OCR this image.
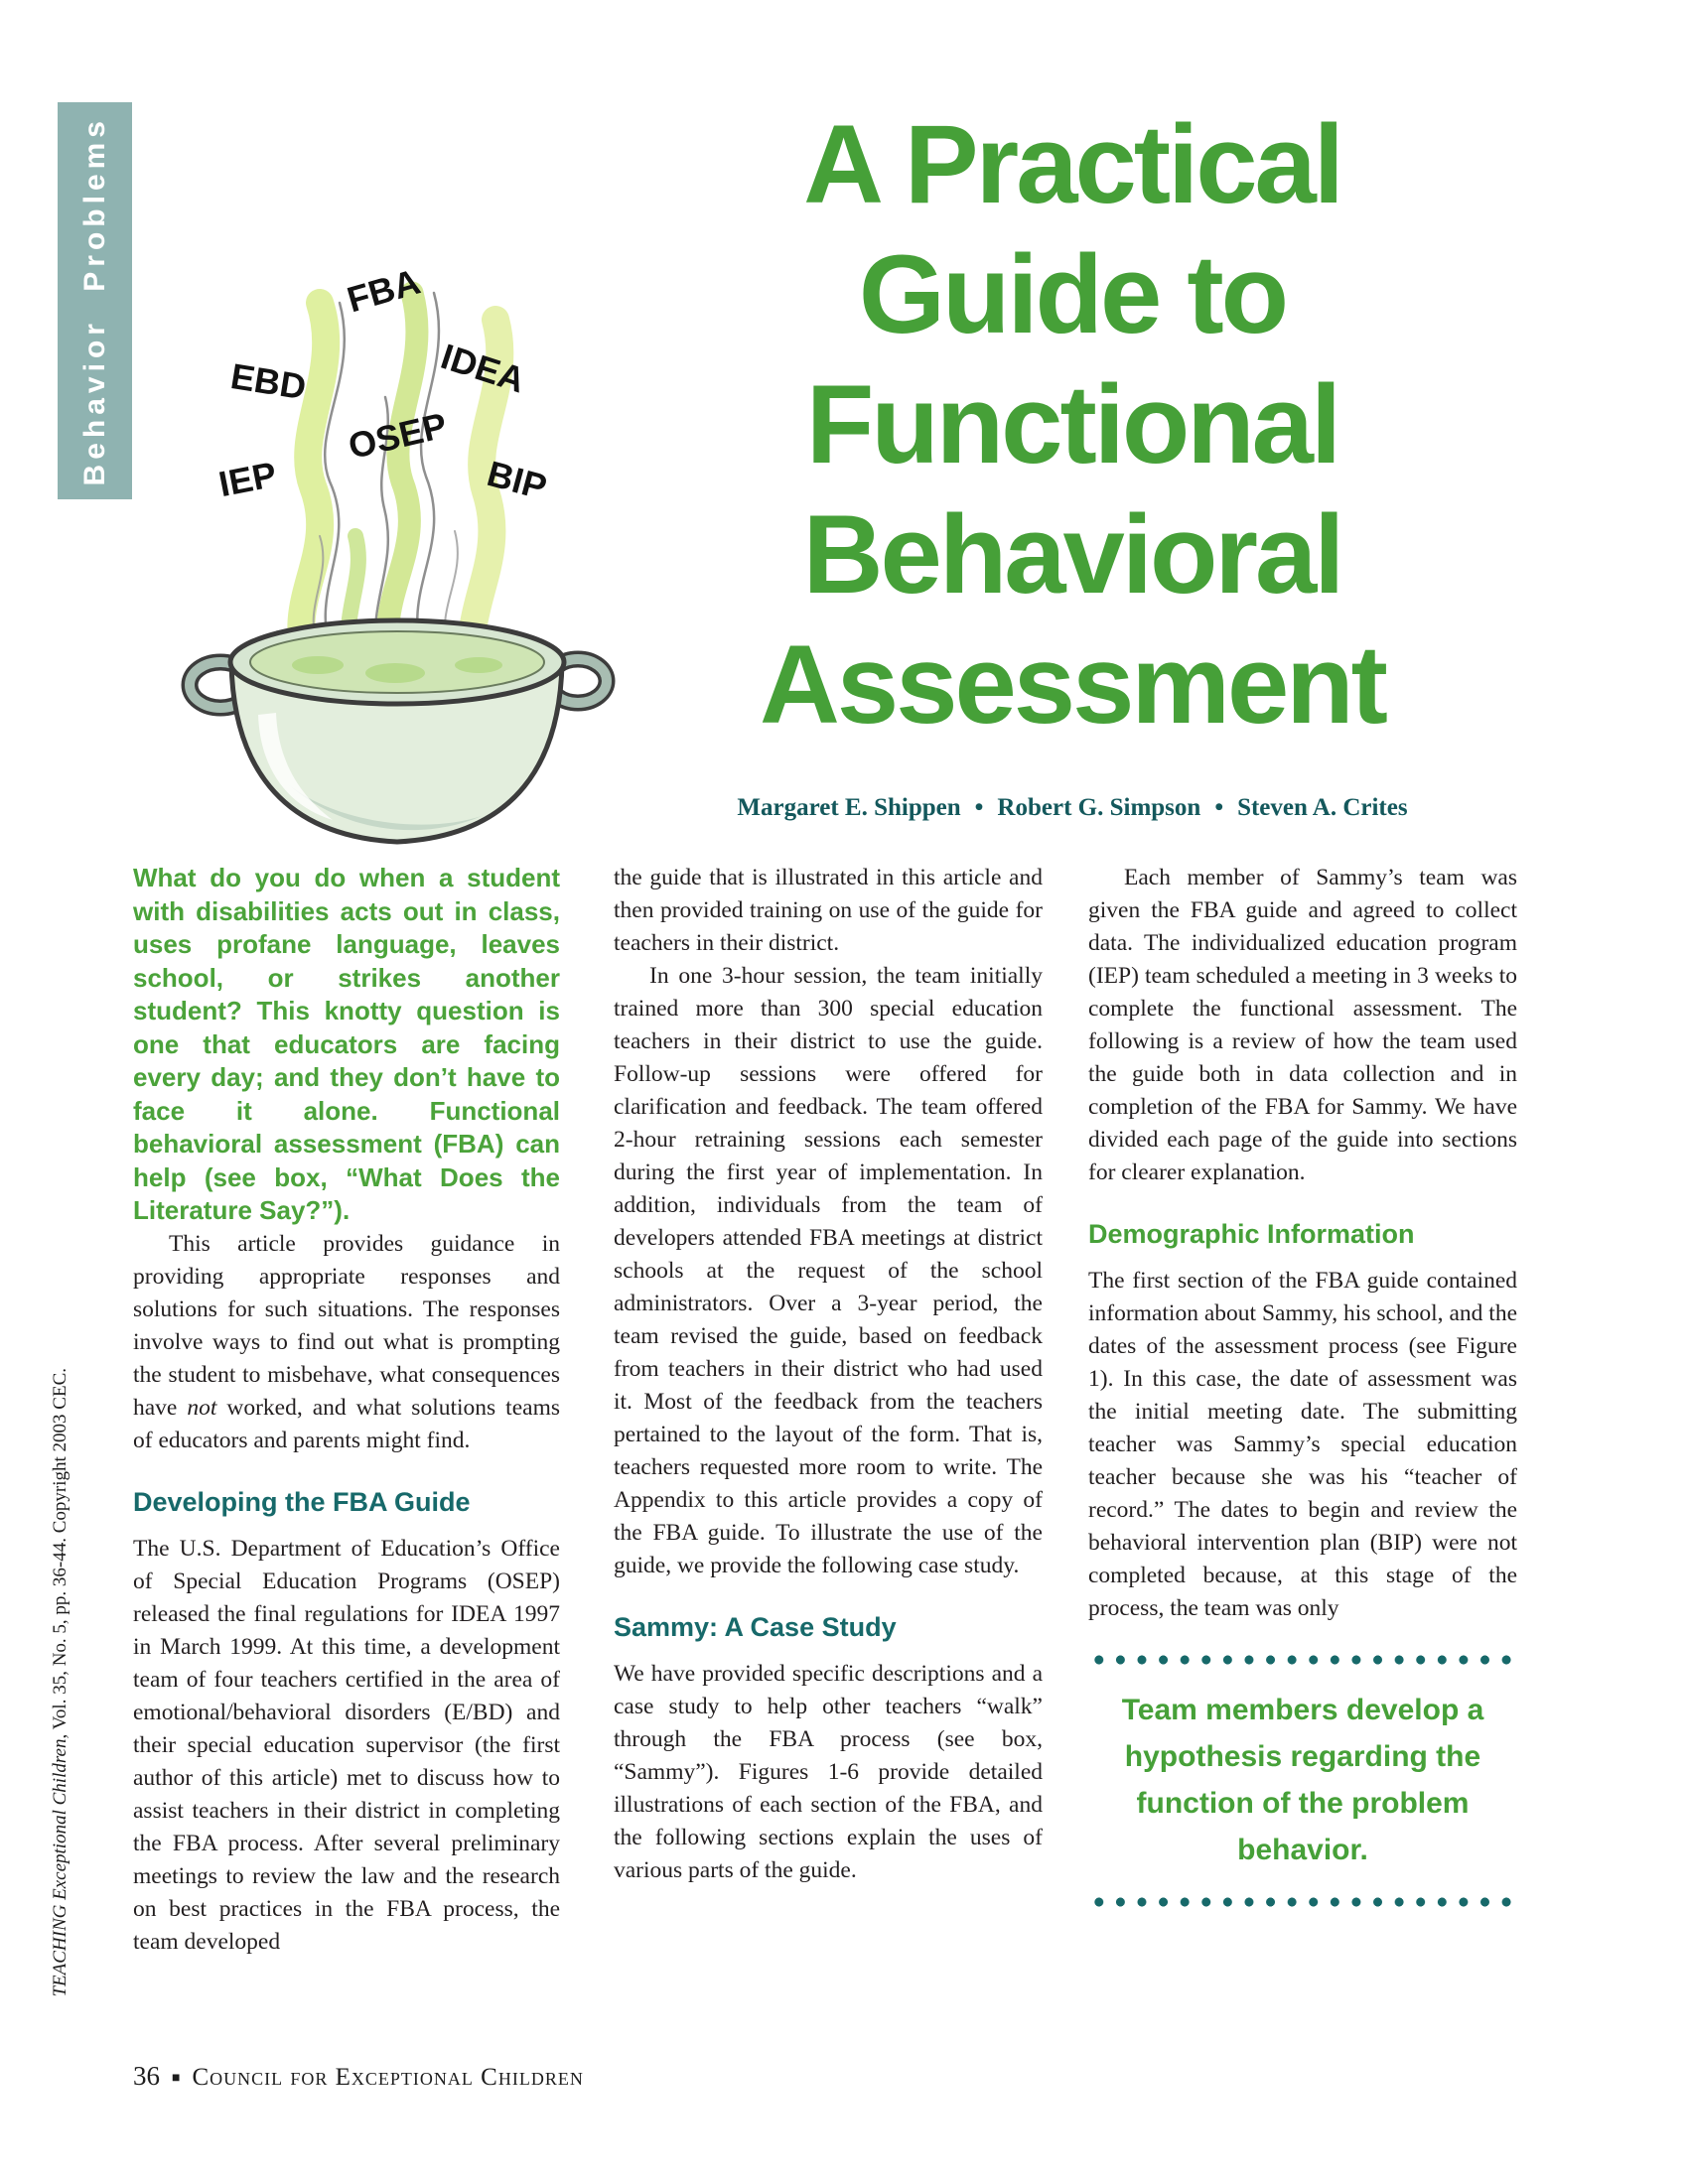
Behavior Problems
TEACHING Exceptional Children, Vol. 35, No. 5, pp. 36-44. Copyright 2003 CEC.
FBA
EBD	IDEA
OSEP
IEP	BIP
A Practical
Guide to
Functional
Behavioral
Assessment
Margaret E. Shippen • Robert G. Simpson • Steven A. Crites

What do you do when a student with disabilities acts out in class, uses profane language, leaves school, or strikes another student? This knotty question is one that educators are facing every day; and they don’t have to face it alone. Functional behavioral assessment (FBA) can help (see box, “What Does the Literature Say?”).

This article provides guidance in providing appropriate responses and solutions for such situations. The responses involve ways to find out what is prompting the student to misbehave, what consequences have not worked, and what solutions teams of educators and parents might find.

Developing the FBA Guide

The U.S. Department of Education’s Office of Special Education Programs (OSEP) released the final regulations for IDEA 1997 in March 1999. At this time, a development team of four teachers certified in the area of emotional/behavioral disorders (E/BD) and their special education supervisor (the first author of this article) met to discuss how to assist teachers in their district in completing the FBA process. After several preliminary meetings to review the law and the research on best practices in the FBA process, the team developed

the guide that is illustrated in this article and then provided training on use of the guide for teachers in their district.

In one 3-hour session, the team initially trained more than 300 special education teachers in their district to use the guide. Follow-up sessions were offered for clarification and feedback. The team offered 2-hour retraining sessions each semester during the first year of implementation. In addition, individuals from the team of developers attended FBA meetings at district schools at the request of the school administrators. Over a 3-year period, the team revised the guide, based on feedback from teachers in their district who had used it. Most of the feedback from the teachers pertained to the layout of the form. That is, teachers requested more room to write. The Appendix to this article provides a copy of the FBA guide. To illustrate the use of the guide, we provide the following case study.

Sammy: A Case Study

We have provided specific descriptions and a case study to help other teachers “walk” through the FBA process (see box, “Sammy”). Figures 1-6 provide detailed illustrations of each section of the FBA, and the following sections explain the uses of various parts of the guide.

Each member of Sammy’s team was given the FBA guide and agreed to collect data. The individualized education program (IEP) team scheduled a meeting in 3 weeks to complete the functional assessment. The following is a review of how the team used the guide both in data collection and in completion of the FBA for Sammy. We have divided each page of the guide into sections for clearer explanation.

Demographic Information

The first section of the FBA guide contained information about Sammy, his school, and the dates of the assessment process (see Figure 1). In this case, the date of assessment was the initial meeting date. The submitting teacher was Sammy’s special education teacher because she was his “teacher of record.” The dates to begin and review the behavioral intervention plan (BIP) were not completed because, at this stage of the process, the team was only

Team members develop a hypothesis regarding the function of the problem behavior.
36 ■ Council for Exceptional Children
